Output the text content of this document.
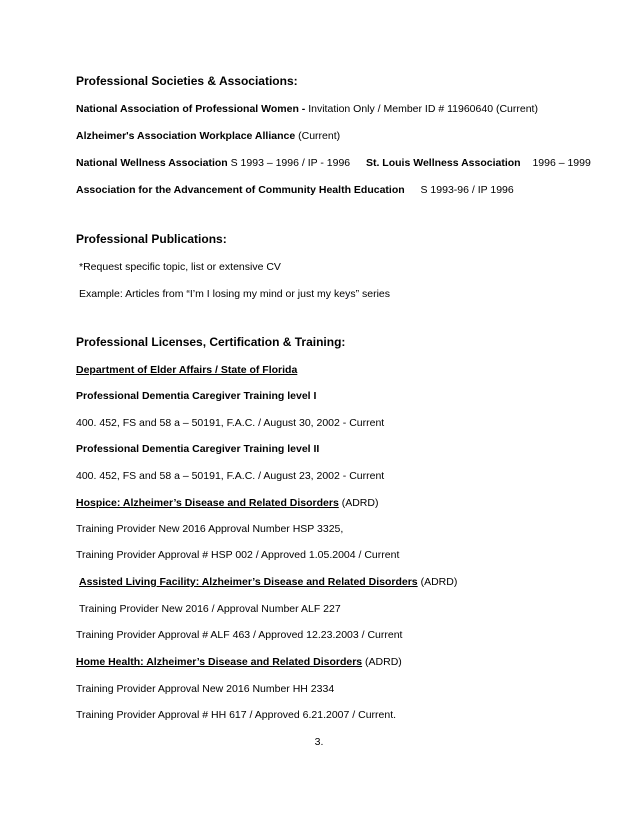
Professional Societies & Associations:
National Association of Professional Women - Invitation Only / Member ID # 11960640 (Current)
Alzheimer's Association Workplace Alliance (Current)
National Wellness Association S 1993 – 1996 / IP - 1996 St. Louis Wellness Association 1996 – 1999
Association for the Advancement of Community Health Education S 1993-96 / IP 1996
Professional Publications:
*Request specific topic, list or extensive CV
Example: Articles from “I’m I losing my mind or just my keys” series
Professional Licenses, Certification & Training:
Department of Elder Affairs / State of Florida
Professional Dementia Caregiver Training level I
400. 452, FS and 58 a – 50191, F.A.C. / August 30, 2002 - Current
Professional Dementia Caregiver Training level II
400. 452, FS and 58 a – 50191, F.A.C. / August 23, 2002 - Current
Hospice: Alzheimer’s Disease and Related Disorders (ADRD)
Training Provider New 2016 Approval Number HSP 3325,
Training Provider Approval # HSP 002 / Approved 1.05.2004 / Current
Assisted Living Facility: Alzheimer’s Disease and Related Disorders (ADRD)
Training Provider New 2016 / Approval Number ALF 227
Training Provider Approval # ALF 463 / Approved 12.23.2003 / Current
Home Health: Alzheimer’s Disease and Related Disorders (ADRD)
Training Provider Approval New 2016 Number HH 2334
Training Provider Approval # HH 617 / Approved 6.21.2007 / Current.
3.
